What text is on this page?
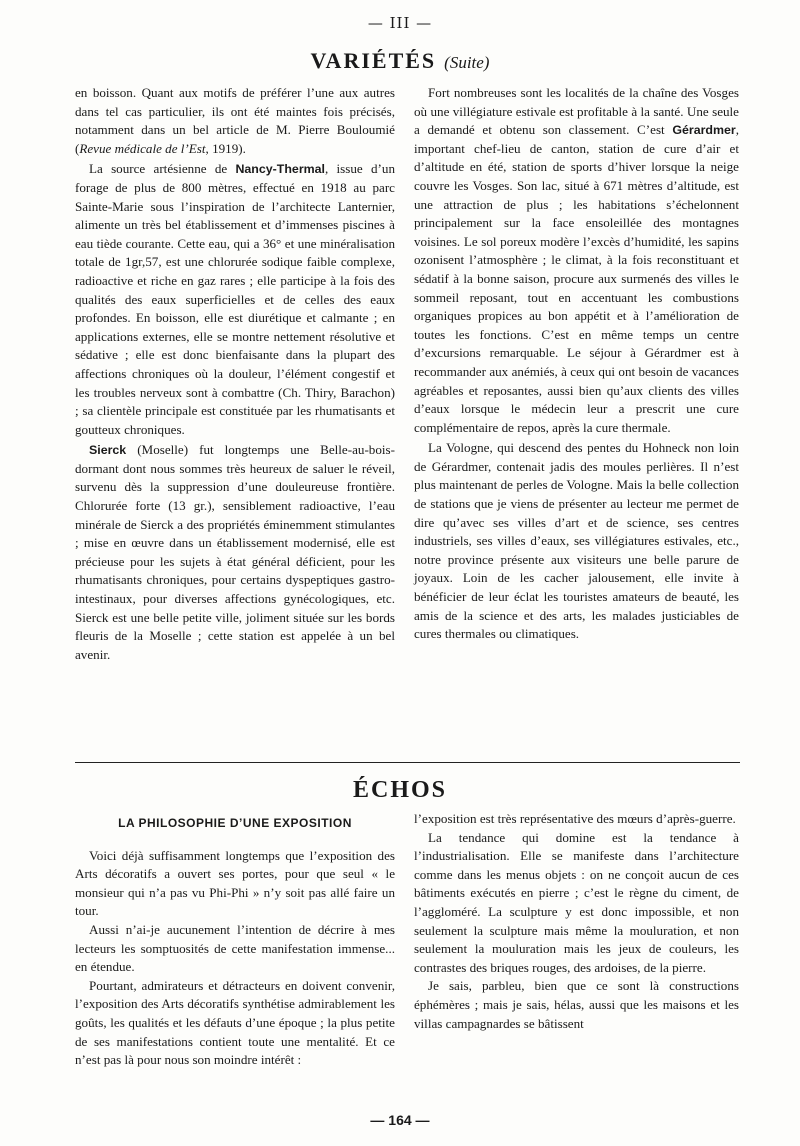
— III —
VARIÉTÉS (Suite)

en boisson. Quant aux motifs de préférer l’une aux autres dans tel cas particulier, ils ont été maintes fois précisés, notamment dans un bel article de M. Pierre Bouloumié (Revue médicale de l’Est, 1919).

La source artésienne de Nancy-Thermal, issue d’un forage de plus de 800 mètres, effectué en 1918 au parc Sainte-Marie sous l’inspiration de l’architecte Lanternier, alimente un très bel établissement et d’immenses piscines à eau tiède courante. Cette eau, qui a 36° et une minéralisation totale de 1gr,57, est une chlorurée sodique faible complexe, radioactive et riche en gaz rares ; elle participe à la fois des qualités des eaux superficielles et de celles des eaux profondes. En boisson, elle est diurétique et calmante ; en applications externes, elle se montre nettement résolutive et sédative ; elle est donc bienfaisante dans la plupart des affections chroniques où la douleur, l’élément congestif et les troubles nerveux sont à combattre (Ch. Thiry, Barachon) ; sa clientèle principale est constituée par les rhumatisants et goutteux chroniques.

Sierck (Moselle) fut longtemps une Belle-au-bois-dormant dont nous sommes très heureux de saluer le réveil, survenu dès la suppression d’une douleureuse frontière. Chlorurée forte (13 gr.), sensiblement radioactive, l’eau minérale de Sierck a des propriétés éminemment stimulantes ; mise en œuvre dans un établissement modernisé, elle est précieuse pour les sujets à état général déficient, pour les rhumatisants chroniques, pour certains dyspeptiques gastro-intestinaux, pour diverses affections gynécologiques, etc. Sierck est une belle petite ville, joliment située sur les bords fleuris de la Moselle ; cette station est appelée à un bel avenir.

Fort nombreuses sont les localités de la chaîne des Vosges où une villégiature estivale est profitable à la santé. Une seule a demandé et obtenu son classement. C’est Gérardmer, important chef-lieu de canton, station de cure d’air et d’altitude en été, station de sports d’hiver lorsque la neige couvre les Vosges. Son lac, situé à 671 mètres d’altitude, est une attraction de plus ; les habitations s’échelonnent principalement sur la face ensoleillée des montagnes voisines. Le sol poreux modère l’excès d’humidité, les sapins ozonisent l’atmosphère ; le climat, à la fois reconstituant et sédatif à la bonne saison, procure aux surmenés des villes le sommeil reposant, tout en accentuant les combustions organiques propices au bon appétit et à l’amélioration de toutes les fonctions. C’est en même temps un centre d’excursions remarquable. Le séjour à Gérardmer est à recommander aux anémiés, à ceux qui ont besoin de vacances agréables et reposantes, aussi bien qu’aux clients des villes d’eaux lorsque le médecin leur a prescrit une cure complémentaire de repos, après la cure thermale.

La Vologne, qui descend des pentes du Hohneck non loin de Gérardmer, contenait jadis des moules perlières. Il n’est plus maintenant de perles de Vologne. Mais la belle collection de stations que je viens de présenter au lecteur me permet de dire qu’avec ses villes d’art et de science, ses centres industriels, ses villes d’eaux, ses villégiatures estivales, etc., notre province présente aux visiteurs une belle parure de joyaux. Loin de les cacher jalousement, elle invite à bénéficier de leur éclat les touristes amateurs de beauté, les amis de la science et des arts, les malades justiciables de cures thermales ou climatiques.

ÉCHOS

LA PHILOSOPHIE D’UNE EXPOSITION

Voici déjà suffisamment longtemps que l’exposition des Arts décoratifs a ouvert ses portes, pour que seul « le monsieur qui n’a pas vu Phi-Phi » n’y soit pas allé faire un tour.

Aussi n’ai-je aucunement l’intention de décrire à mes lecteurs les somptuosités de cette manifestation immense... en étendue.

Pourtant, admirateurs et détracteurs en doivent convenir, l’exposition des Arts décoratifs synthétise admirablement les goûts, les qualités et les défauts d’une époque ; la plus petite de ses manifestations contient toute une mentalité. Et ce n’est pas là pour nous son moindre intérêt :

l’exposition est très représentative des mœurs d’après-guerre.

La tendance qui domine est la tendance à l’industrialisation. Elle se manifeste dans l’architecture comme dans les menus objets : on ne conçoit aucun de ces bâtiments exécutés en pierre ; c’est le règne du ciment, de l’aggloméré. La sculpture y est donc impossible, et non seulement la sculpture mais même la mouluration, et non seulement la mouluration mais les jeux de couleurs, les contrastes des briques rouges, des ardoises, de la pierre.

Je sais, parbleu, bien que ce sont là constructions éphémères ; mais je sais, hélas, aussi que les maisons et les villas campagnardes se bâtissent

— 164 —
